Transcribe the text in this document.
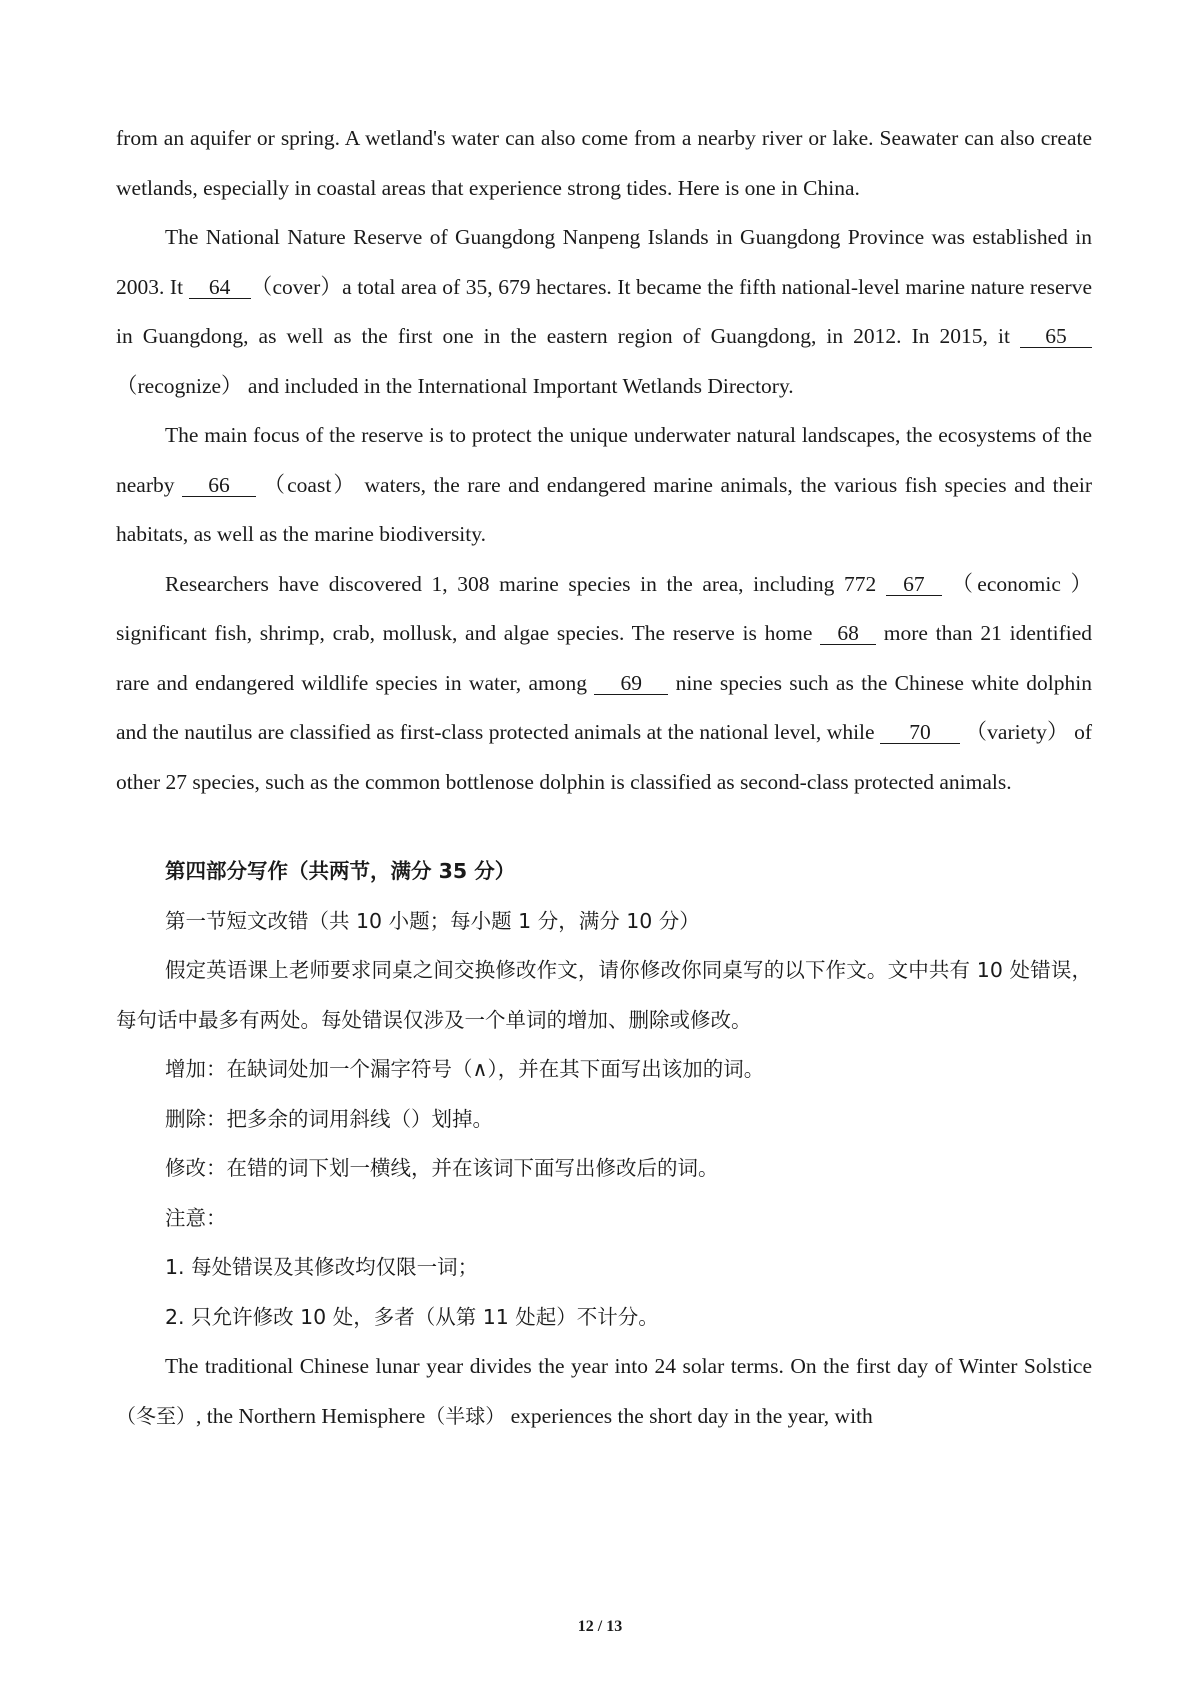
from an aquifer or spring. A wetland's water can also come from a nearby river or lake. Seawater can also create wetlands, especially in coastal areas that experience strong tides. Here is one in China.

The National Nature Reserve of Guangdong Nanpeng Islands in Guangdong Province was established in 2003. It 64 （cover）a total area of 35, 679 hectares. It became the fifth national-level marine nature reserve in Guangdong, as well as the first one in the eastern region of Guangdong, in 2012. In 2015, it 65（recognize） and included in the International Important Wetlands Directory.

The main focus of the reserve is to protect the unique underwater natural landscapes, the ecosystems of the nearby 66 （coast） waters, the rare and endangered marine animals, the various fish species and their habitats, as well as the marine biodiversity.

Researchers have discovered 1, 308 marine species in the area, including 772 67 （economic ）significant fish, shrimp, crab, mollusk, and algae species. The reserve is home 68 more than 21 identified rare and endangered wildlife species in water, among 69 nine species such as the Chinese white dolphin and the nautilus are classified as first-class protected animals at the national level, while 70 （variety） of other 27 species, such as the common bottlenose dolphin is classified as second-class protected animals.

第四部分写作（共两节，满分 35 分）

第一节短文改错（共 10 小题；每小题 1 分，满分 10 分）

假定英语课上老师要求同桌之间交换修改作文，请你修改你同桌写的以下作文。文中共有 10 处错误，每句话中最多有两处。每处错误仅涉及一个单词的增加、删除或修改。

增加：在缺词处加一个漏字符号（∧），并在其下面写出该加的词。

删除：把多余的词用斜线（）划掉。

修改：在错的词下划一横线，并在该词下面写出修改后的词。

注意：

1. 每处错误及其修改均仅限一词；

2. 只允许修改 10 处，多者（从第 11 处起）不计分。

The traditional Chinese lunar year divides the year into 24 solar terms. On the first day of Winter Solstice（冬至）, the Northern Hemisphere（半球） experiences the short day in the year, with

12 / 13
